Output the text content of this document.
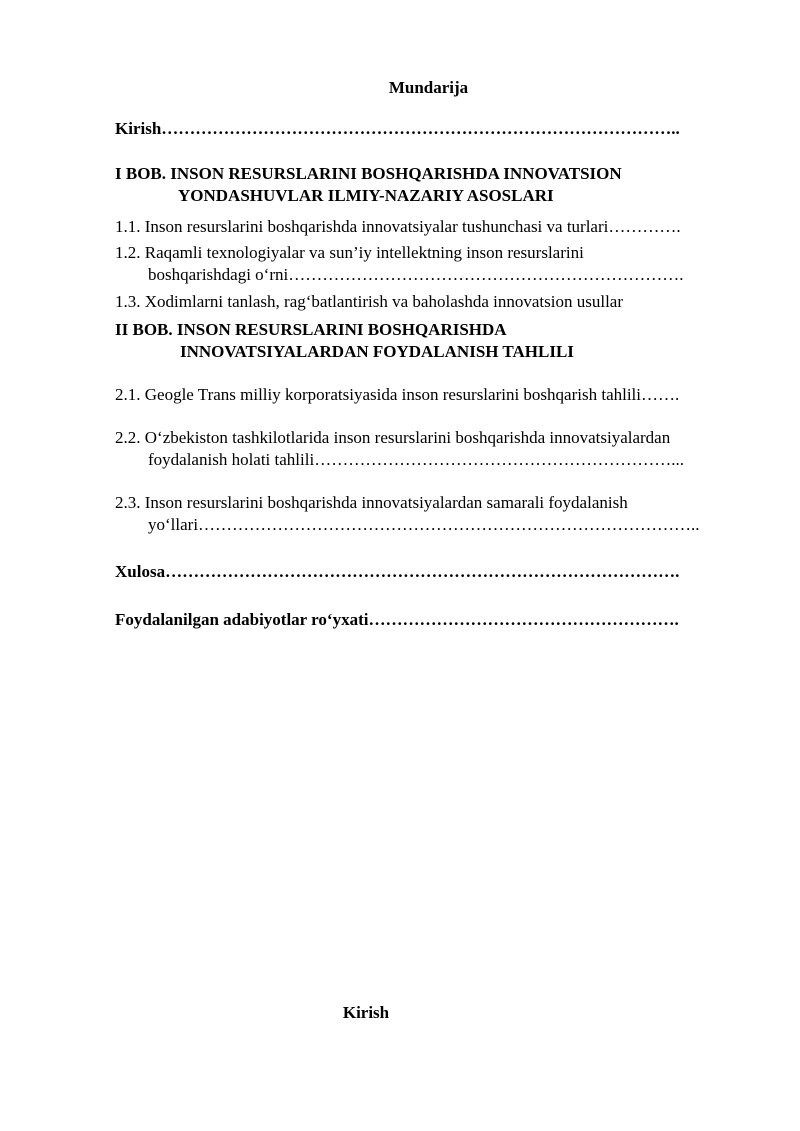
Mundarija
Kirish………………………………………………………………………………..
I BOB. INSON RESURSLARINI BOSHQARISHDA INNOVATSION
YONDASHUVLAR ILMIY-NAZARIY ASOSLARI
1.1. Inson resurslarini boshqarishda innovatsiyalar tushunchasi va turlari………….
1.2. Raqamli texnologiyalar va sun’iy intellektning inson resurslarini
boshqarishdagi o‘rni…………………………………………………………….
1.3. Xodimlarni tanlash, rag‘batlantirish va baholashda innovatsion usullar
II BOB. INSON RESURSLARINI BOSHQARISHDA
INNOVATSIYALARDAN FOYDALANISH TAHLILI
2.1. Geogle Trans milliy korporatsiyasida inson resurslarini boshqarish tahlili…….
2.2. O‘zbekiston tashkilotlarida inson resurslarini boshqarishda innovatsiyalardan
foydalanish holati tahlili………………………………………………………...
2.3. Inson resurslarini boshqarishda innovatsiyalardan samarali foydalanish
yo‘llari……………………………………………………………………………..
Xulosa……………………………………………………………………………….
Foydalanilgan adabiyotlar ro‘yxati……………………………………………….
Kirish
